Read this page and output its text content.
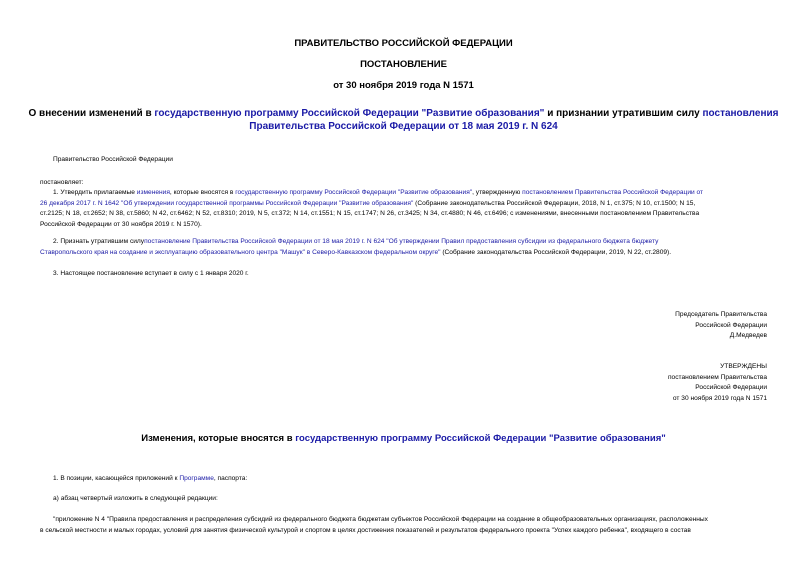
ПРАВИТЕЛЬСТВО РОССИЙСКОЙ ФЕДЕРАЦИИ
ПОСТАНОВЛЕНИЕ
от 30 ноября 2019 года N 1571
О внесении изменений в государственную программу Российской Федерации "Развитие образования" и признании утратившим силу постановления
Правительства Российской Федерации от 18 мая 2019 г. N 624
Правительство Российской Федерации
постановляет:
1. Утвердить прилагаемые изменения, которые вносятся в государственную программу Российской Федерации "Развитие образования", утвержденную постановлением Правительства Российской Федерации от
26 декабря 2017 г. N 1642 "Об утверждении государственной программы Российской Федерации "Развитие образования" (Собрание законодательства Российской Федерации, 2018, N 1, ст.375; N 10, ст.1500; N 15,
ст.2125; N 18, ст.2652; N 38, ст.5860; N 42, ст.6462; N 52, ст.8310; 2019, N 5, ст.372; N 14, ст.1551; N 15, ст.1747; N 26, ст.3425; N 34, ст.4880; N 46, ст.6496; с изменениями, внесенными постановлением Правительства
Российской Федерации от 30 ноября 2019 г. N 1570).
2. Признать утратившим силупостановление Правительства Российской Федерации от 18 мая 2019 г. N 624 "Об утверждении Правил предоставления субсидии из федерального бюджета бюджету
Ставропольского края на создание и эксплуатацию образовательного центра "Машук" в Северо-Кавказском федеральном округе" (Собрание законодательства Российской Федерации, 2019, N 22, ст.2809).
3. Настоящее постановление вступает в силу с 1 января 2020 г.
Председатель Правительства
Российской Федерации
Д.Медведев
УТВЕРЖДЕНЫ
постановлением Правительства
Российской Федерации
от 30 ноября 2019 года N 1571
Изменения, которые вносятся в государственную программу Российской Федерации "Развитие образования"
1. В позиции, касающейся приложений к Программе, паспорта:
а) абзац четвертый изложить в следующей редакции:
"приложение N 4 "Правила предоставления и распределения субсидий из федерального бюджета бюджетам субъектов Российской Федерации на создание в общеобразовательных организациях, расположенных
в сельской местности и малых городах, условий для занятия физической культурой и спортом в целях достижения показателей и результатов федерального проекта "Успех каждого ребенка", входящего в состав
